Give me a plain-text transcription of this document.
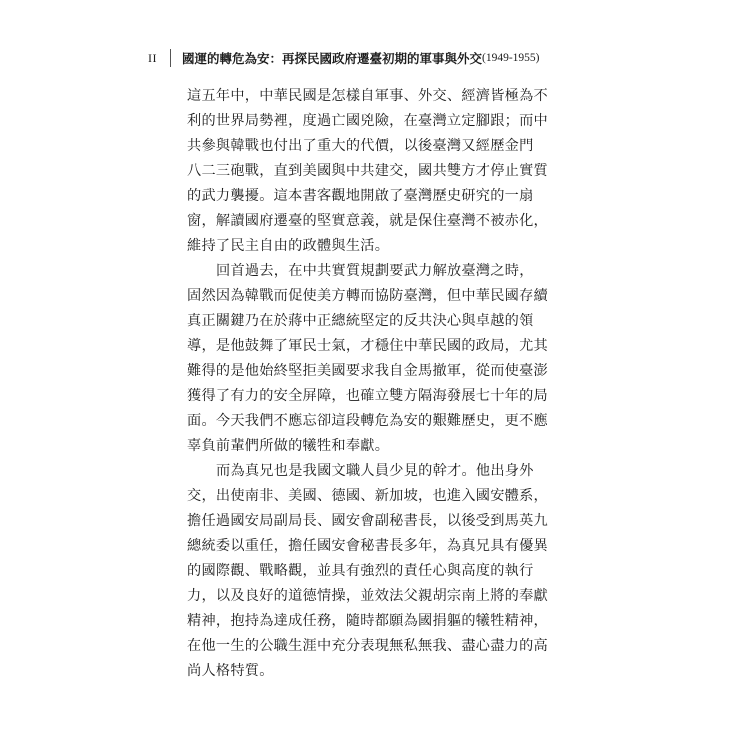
II 國運的轉危為安：再探民國政府遷臺初期的軍事與外交 (1949-1955)
這五年中，中華民國是怎樣自軍事、外交、經濟皆極為不
利的世界局勢裡，度過亡國兇險，在臺灣立定腳跟；而中
共參與韓戰也付出了重大的代價，以後臺灣又經歷金門
八二三砲戰，直到美國與中共建交，國共雙方才停止實質
的武力襲擾。這本書客觀地開啟了臺灣歷史研究的一扇
窗，解讀國府遷臺的堅實意義，就是保住臺灣不被赤化，
維持了民主自由的政體與生活。
回首過去，在中共實質規劃要武力解放臺灣之時，
固然因為韓戰而促使美方轉而協防臺灣，但中華民國存續
真正關鍵乃在於蔣中正總統堅定的反共決心與卓越的領
導，是他鼓舞了軍民士氣，才穩住中華民國的政局，尤其
難得的是他始終堅拒美國要求我自金馬撤軍，從而使臺澎
獲得了有力的安全屏障，也確立雙方隔海發展七十年的局
面。今天我們不應忘卻這段轉危為安的艱難歷史，更不應
辜負前輩們所做的犧牲和奉獻。
而為真兄也是我國文職人員少見的幹才。他出身外
交，出使南非、美國、德國、新加坡，也進入國安體系，
擔任過國安局副局長、國安會副秘書長，以後受到馬英九
總統委以重任，擔任國安會秘書長多年，為真兄具有優異
的國際觀、戰略觀，並具有強烈的責任心與高度的執行
力，以及良好的道德情操，並效法父親胡宗南上將的奉獻
精神，抱持為達成任務，隨時都願為國捐軀的犧牲精神，
在他一生的公職生涯中充分表現無私無我、盡心盡力的高
尚人格特質。
